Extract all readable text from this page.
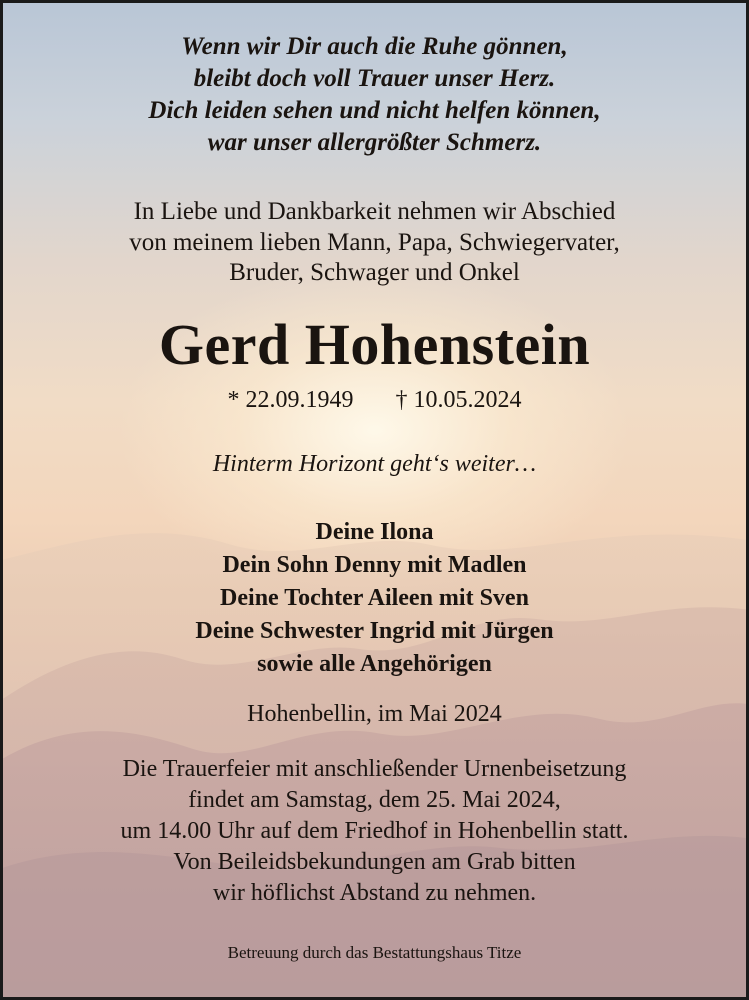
Wenn wir Dir auch die Ruhe gönnen,
bleibt doch voll Trauer unser Herz.
Dich leiden sehen und nicht helfen können,
war unser allergrößter Schmerz.
In Liebe und Dankbarkeit nehmen wir Abschied
von meinem lieben Mann, Papa, Schwiegervater,
Bruder, Schwager und Onkel
Gerd Hohenstein
* 22.09.1949 † 10.05.2024
Hinterm Horizont geht‘s weiter…
Deine Ilona
Dein Sohn Denny mit Madlen
Deine Tochter Aileen mit Sven
Deine Schwester Ingrid mit Jürgen
sowie alle Angehörigen
Hohenbellin, im Mai 2024
Die Trauerfeier mit anschließender Urnenbeisetzung
findet am Samstag, dem 25. Mai 2024,
um 14.00 Uhr auf dem Friedhof in Hohenbellin statt.
Von Beileidsbekundungen am Grab bitten
wir höflichst Abstand zu nehmen.
Betreuung durch das Bestattungshaus Titze
